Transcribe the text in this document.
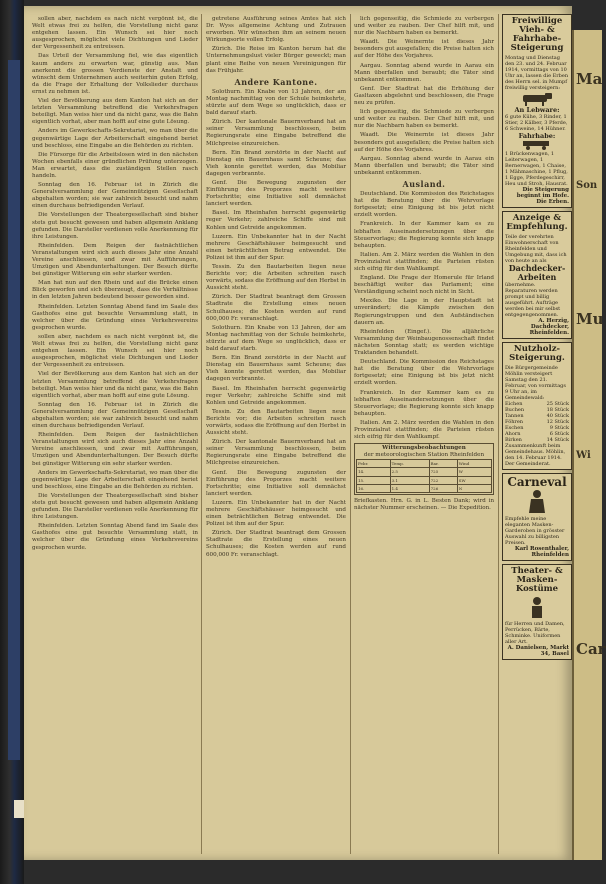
sollen aber, nachdem es nach nicht vergönnt ist, die Welt etwas frei zu helfen, die Vorstellung nicht ganz entgehen lassen. Ein Wunsch sei hier noch ausgesprochen, möglichst viele Dichtungen und Lieder der Vergessenheit zu entreissen.

Das Urteil der Versammlung fiel, wie das eigentlich kaum anders zu erwarten war, günstig aus. Man anerkennt die grossen Verdienste der Anstalt und wünscht dem Unternehmen auch weiterhin guten Erfolg, da die Frage der Erhaltung der Volkslieder durchaus ernst zu nehmen ist.

Viel der Bevölkerung aus dem Kanton hat sich an der letzten Versammlung betreffend die Verkehrsfragen beteiligt. Man weiss hier und da nicht ganz, was die Bahn eigentlich vorhat, aber man hofft auf eine gute Lösung.

Anders im Gewerkschafts-Sekretariat, wo man über die gegenwärtige Lage der Arbeiterschaft eingehend beriet und beschloss, eine Eingabe an die Behörden zu richten.

Die Fürsorge für die Arbeitslosen wird in den nächsten Wochen ebenfalls einer gründlichen Prüfung unterzogen. Man erwartet, dass die zuständigen Stellen rasch handeln.

Sonntag den 16. Februar ist in Zürich die Generalversammlung der Gemeinnützigen Gesellschaft abgehalten worden; sie war zahlreich besucht und nahm einen durchaus befriedigenden Verlauf.

Die Vorstellungen der Theatergesellschaft sind bisher stets gut besucht gewesen und haben allgemein Anklang gefunden. Die Darsteller verdienen volle Anerkennung für ihre Leistungen.

Rheinfelden. Dem Reigen der fastnächtlichen Veranstaltungen wird sich auch dieses Jahr eine Anzahl Vereine anschliessen, und zwar mit Aufführungen, Umzügen und Abendunterhaltungen. Der Besuch dürfte bei günstiger Witterung ein sehr starker werden.

Man hat nun auf den Rhein und auf die Brücke einen Blick geworfen und sich überzeugt, dass die Verhältnisse in den letzten Jahren bedeutend besser geworden sind.

Rheinfelden. Letzten Sonntag Abend fand im Saale des Gasthofes eine gut besuchte Versammlung statt, in welcher über die Gründung eines Verkehrsvereins gesprochen wurde.

sollen aber, nachdem es nach nicht vergönnt ist, die Welt etwas frei zu helfen, die Vorstellung nicht ganz entgehen lassen. Ein Wunsch sei hier noch ausgesprochen, möglichst viele Dichtungen und Lieder der Vergessenheit zu entreissen.

Viel der Bevölkerung aus dem Kanton hat sich an der letzten Versammlung betreffend die Verkehrsfragen beteiligt. Man weiss hier und da nicht ganz, was die Bahn eigentlich vorhat, aber man hofft auf eine gute Lösung.

Sonntag den 16. Februar ist in Zürich die Generalversammlung der Gemeinnützigen Gesellschaft abgehalten worden; sie war zahlreich besucht und nahm einen durchaus befriedigenden Verlauf.

Rheinfelden. Dem Reigen der fastnächtlichen Veranstaltungen wird sich auch dieses Jahr eine Anzahl Vereine anschliessen, und zwar mit Aufführungen, Umzügen und Abendunterhaltungen. Der Besuch dürfte bei günstiger Witterung ein sehr starker werden.

Anders im Gewerkschafts-Sekretariat, wo man über die gegenwärtige Lage der Arbeiterschaft eingehend beriet und beschloss, eine Eingabe an die Behörden zu richten.

Die Vorstellungen der Theatergesellschaft sind bisher stets gut besucht gewesen und haben allgemein Anklang gefunden. Die Darsteller verdienen volle Anerkennung für ihre Leistungen.

Rheinfelden. Letzten Sonntag Abend fand im Saale des Gasthofes eine gut besuchte Versammlung statt, in welcher über die Gründung eines Verkehrsvereins gesprochen wurde.

getretene Ausführung seines Amtes hat sich Dr. Wyss allgemeine Achtung und Zutrauen erworben. Wir wünschen ihm an seinem neuen Wirkungsorte vollen Erfolg.

Zürich. Die Reise im Kanton herum hat die Unternehmungslust vieler Bürger geweckt; man plant eine Reihe von neuen Vereinigungen für das Frühjahr.

Andere Kantone.

Solothurn. Ein Knabe von 13 Jahren, der am Montag nachmittag von der Schule heimkehrte, stürzte auf dem Wege so unglücklich, dass er bald darauf starb.

Zürich. Der kantonale Bauernverband hat an seiner Versammlung beschlossen, beim Regierungsrate eine Eingabe betreffend die Milchpreise einzureichen.

Bern. Ein Brand zerstörte in der Nacht auf Dienstag ein Bauernhaus samt Scheune; das Vieh konnte gerettet werden, das Mobiliar dagegen verbrannte.

Genf. Die Bewegung zugunsten der Einführung des Proporzes macht weitere Fortschritte; eine Initiative soll demnächst lanciert werden.

Basel. Im Rheinhafen herrscht gegenwärtig reger Verkehr; zahlreiche Schiffe sind mit Kohlen und Getreide angekommen.

Luzern. Ein Unbekannter hat in der Nacht mehrere Geschäftshäuser heimgesucht und einen beträchtlichen Betrag entwendet. Die Polizei ist ihm auf der Spur.

Tessin. Zu den Bautarbeiten liegen neue Berichte vor; die Arbeiten schreiten rasch vorwärts, sodass die Eröffnung auf den Herbst in Aussicht steht.

Zürich. Der Stadtrat beantragt dem Grossen Stadtrate die Erstellung eines neuen Schulhauses; die Kosten werden auf rund 600,000 Fr. veranschlagt.

Solothurn. Ein Knabe von 13 Jahren, der am Montag nachmittag von der Schule heimkehrte, stürzte auf dem Wege so unglücklich, dass er bald darauf starb.

Bern. Ein Brand zerstörte in der Nacht auf Dienstag ein Bauernhaus samt Scheune; das Vieh konnte gerettet werden, das Mobiliar dagegen verbrannte.

Basel. Im Rheinhafen herrscht gegenwärtig reger Verkehr; zahlreiche Schiffe sind mit Kohlen und Getreide angekommen.

Tessin. Zu den Bautarbeiten liegen neue Berichte vor; die Arbeiten schreiten rasch vorwärts, sodass die Eröffnung auf den Herbst in Aussicht steht.

Zürich. Der kantonale Bauernverband hat an seiner Versammlung beschlossen, beim Regierungsrate eine Eingabe betreffend die Milchpreise einzureichen.

Genf. Die Bewegung zugunsten der Einführung des Proporzes macht weitere Fortschritte; eine Initiative soll demnächst lanciert werden.

Luzern. Ein Unbekannter hat in der Nacht mehrere Geschäftshäuser heimgesucht und einen beträchtlichen Betrag entwendet. Die Polizei ist ihm auf der Spur.

Zürich. Der Stadtrat beantragt dem Grossen Stadtrate die Erstellung eines neuen Schulhauses; die Kosten werden auf rund 600,000 Fr. veranschlagt.

lich gegenseitig, die Schmiede zu verbergen und weiter zu rauben. Der Chef hilft mit, und nur die Nachbarn haben es bemerkt.

Waadt. Die Weinernte ist dieses Jahr besonders gut ausgefallen; die Preise halten sich auf der Höhe des Vorjahres.

Aargau. Sonntag abend wurde in Aarau ein Mann überfallen und beraubt; die Täter sind unbekannt entkommen.

Genf. Der Stadtrat hat die Erhöhung der Gasltaxen abgelehnt und beschlossen, die Frage neu zu prüfen.

lich gegenseitig, die Schmiede zu verbergen und weiter zu rauben. Der Chef hilft mit, und nur die Nachbarn haben es bemerkt.

Waadt. Die Weinernte ist dieses Jahr besonders gut ausgefallen; die Preise halten sich auf der Höhe des Vorjahres.

Aargau. Sonntag abend wurde in Aarau ein Mann überfallen und beraubt; die Täter sind unbekannt entkommen.

Ausland.

Deutschland. Die Kommission des Reichstages hat die Beratung über die Wehrvorlage fortgesetzt; eine Einigung ist bis jetzt nicht erzielt worden.

Frankreich. In der Kammer kam es zu lebhaften Auseinandersetzungen über die Steuervorlage; die Regierung konnte sich knapp behaupten.

Italien. Am 2. März werden die Wahlen in den Provinzialrat stattfinden; die Parteien rüsten sich eifrig für den Wahlkampf.

England. Die Frage der Homerule für Irland beschäftigt weiter das Parlament; eine Verständigung scheint noch nicht in Sicht.

Mexiko. Die Lage in der Hauptstadt ist unverändert; die Kämpfe zwischen den Regierungstruppen und den Aufständischen dauern an.

Rheinfelden (Eingef.). Die alljährliche Versammlung der Weinbaugenossenschaft findet nächsten Sonntag statt; es werden wichtige Traktanden behandelt.

Deutschland. Die Kommission des Reichstages hat die Beratung über die Wehrvorlage fortgesetzt; eine Einigung ist bis jetzt nicht erzielt worden.

Frankreich. In der Kammer kam es zu lebhaften Auseinandersetzungen über die Steuervorlage; die Regierung konnte sich knapp behaupten.

Italien. Am 2. März werden die Wahlen in den Provinzialrat stattfinden; die Parteien rüsten sich eifrig für den Wahlkampf.

Witterungsbeobachtungen
der meteorologischen Station Rheinfelden
Febr.	Temp.	Bar.	Wind
14.	2.5	725	W
15.	3.1	722	SW
16.	1.4	726	N
Briefkasten. Hrn. G. in L. Besten Dank; wird in nächster Nummer erscheinen. — Die Expedition.
Freiwillige Vieh- & Fahrhabe-Steigerung
Montag und Dienstag den 23. und 24. Februar 1914, vormittags von 10 Uhr an, lassen die Erben des Herrn sel. in Mumpf freiwillig versteigern:
An Lebware:
6 gute Kühe, 3 Rinder, 1 Stier, 2 Kälber, 3 Pferde, 6 Schweine, 14 Hühner.
Fahrhabe:
1 Brückenwagen, 1 Leiterwagen, 1 Bernerwagen, 1 Chaise, 1 Mähmaschine, 1 Pflug, 1 Egge, Pferdegeschirr, Heu und Stroh, Hausrat.
Die Steigerung beginnt im Hofe. Die Erben.
Anzeige & Empfehlung.
Teile der verehrten Einwohnerschaft von Rheinfelden und Umgebung mit, dass ich von heute an als
Dachdecker-Arbeiten
übernehme. Reparaturen werden prompt und billig ausgeführt. Aufträge werden bei mir selbst entgegengenommen.
A. Herzig, Dachdecker, Rheinfelden.
Nutzholz-Steigerung.
Die Bürgergemeinde Möhlin versteigert Samstag den 21. Februar, von vormittags 9 Uhr an, im Gemeindewald:
Eichen	25 Stück
Buchen	18 Stück
Tannen	40 Stück
Föhren	12 Stück
Eschen	9 Stück
Ahorn	6 Stück
Birken	14 Stück
Zusammenkunft beim Gemeindehaus. Möhlin, den 14. Februar 1914. Der Gemeinderat.
Carneval
Empfehle meine eleganten Masken-Garderoben in grösster Auswahl zu billigsten Preisen.
Karl Rosenthaler, Rheinfelden
Theater- & Masken-Kostüme
für Herren und Damen, Perrücken, Bärte, Schminke. Uniformen aller Art.
A. Danielsen, Markt 34, Basel
Ma
Son
Mu
Wi
Car
